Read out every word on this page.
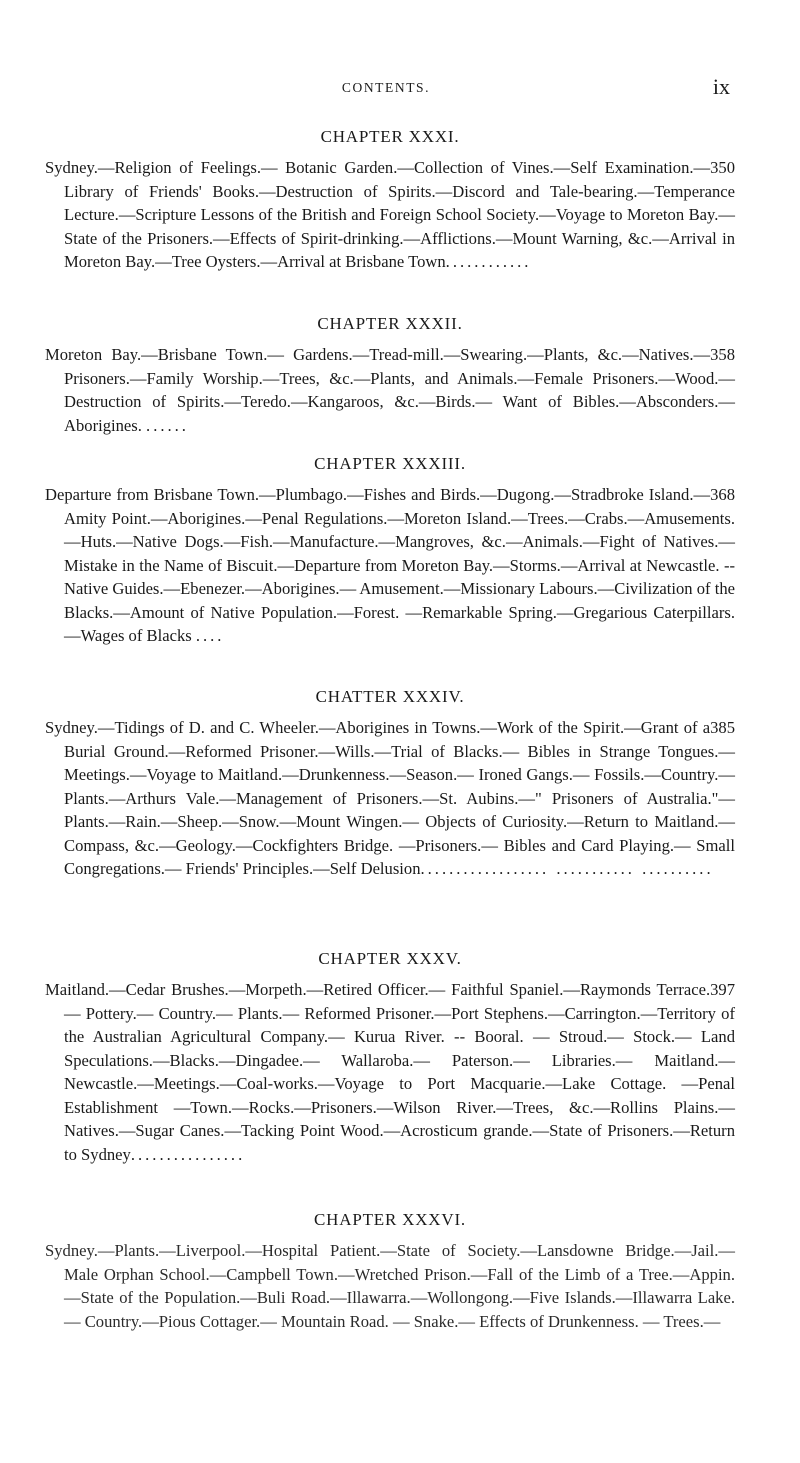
CONTENTS.	ix
CHAPTER XXXI.

350
Sydney.—Religion of Feelings.— Botanic Garden.—Collection of Vines.—Self Examination.—Library of Friends' Books.—Destruction of Spirits.—Discord and Tale-bearing.—Temperance Lecture.—Scripture Lessons of the British and Foreign School Society.—Voyage to Moreton Bay.—State of the Prisoners.—Effects of Spirit-drinking.—Afflictions.—Mount Warning, &c.—Arrival in Moreton Bay.—Tree Oysters.—Arrival at Brisbane Town............

CHAPTER XXXII.

358
Moreton Bay.—Brisbane Town.— Gardens.—Tread-mill.—Swearing.—Plants, &c.—Natives.—Prisoners.—Family Worship.—Trees, &c.—Plants, and Animals.—Female Prisoners.—Wood.—Destruction of Spirits.—Teredo.—Kangaroos, &c.—Birds.— Want of Bibles.—Absconders.—Aborigines. ......

CHAPTER XXXIII.

368
Departure from Brisbane Town.—Plumbago.—Fishes and Birds.—Dugong.—Stradbroke Island.—Amity Point.—Aborigines.—Penal Regulations.—Moreton Island.—Trees.—Crabs.—Amusements.—Huts.—Native Dogs.—Fish.—Manufacture.—Mangroves, &c.—Animals.—Fight of Natives.—Mistake in the Name of Biscuit.—Departure from Moreton Bay.—Storms.—Arrival at Newcastle. -- Native Guides.—Ebenezer.—Aborigines.— Amusement.—Missionary Labours.—Civilization of the Blacks.—Amount of Native Population.—Forest. —Remarkable Spring.—Gregarious Caterpillars.—Wages of Blacks ....

CHATTER XXXIV.

385
Sydney.—Tidings of D. and C. Wheeler.—Aborigines in Towns.—Work of the Spirit.—Grant of a Burial Ground.—Reformed Prisoner.—Wills.—Trial of Blacks.— Bibles in Strange Tongues.— Meetings.—Voyage to Maitland.—Drunkenness.—Season.— Ironed Gangs.— Fossils.—Country.— Plants.—Arthurs Vale.—Management of Prisoners.—St. Aubins.—" Prisoners of Australia."—Plants.—Rain.—Sheep.—Snow.—Mount Wingen.— Objects of Curiosity.—Return to Maitland.—Compass, &c.—Geology.—Cockfighters Bridge. —Prisoners.— Bibles and Card Playing.— Small Congregations.— Friends' Principles.—Self Delusion.................. ........... ..........

CHAPTER XXXV.

397
Maitland.—Cedar Brushes.—Morpeth.—Retired Officer.— Faithful Spaniel.—Raymonds Terrace.— Pottery.— Country.— Plants.— Reformed Prisoner.—Port Stephens.—Carrington.—Territory of the Australian Agricultural Company.— Kurua River. -- Booral. — Stroud.— Stock.— Land Speculations.—Blacks.—Dingadee.— Wallaroba.— Paterson.— Libraries.— Maitland.— Newcastle.—Meetings.—Coal-works.—Voyage to Port Macquarie.—Lake Cottage. —Penal Establishment —Town.—Rocks.—Prisoners.—Wilson River.—Trees, &c.—Rollins Plains.—Natives.—Sugar Canes.—Tacking Point Wood.—Acrosticum grande.—State of Prisoners.—Return to Sydney................

CHAPTER XXXVI.

Sydney.—Plants.—Liverpool.—Hospital Patient.—State of Society.—Lansdowne Bridge.—Jail.—Male Orphan School.—Campbell Town.—Wretched Prison.—Fall of the Limb of a Tree.—Appin.—State of the Population.—Buli Road.—Illawarra.—Wollongong.—Five Islands.—Illawarra Lake.— Country.—Pious Cottager.— Mountain Road. — Snake.— Effects of Drunkenness. — Trees.—
